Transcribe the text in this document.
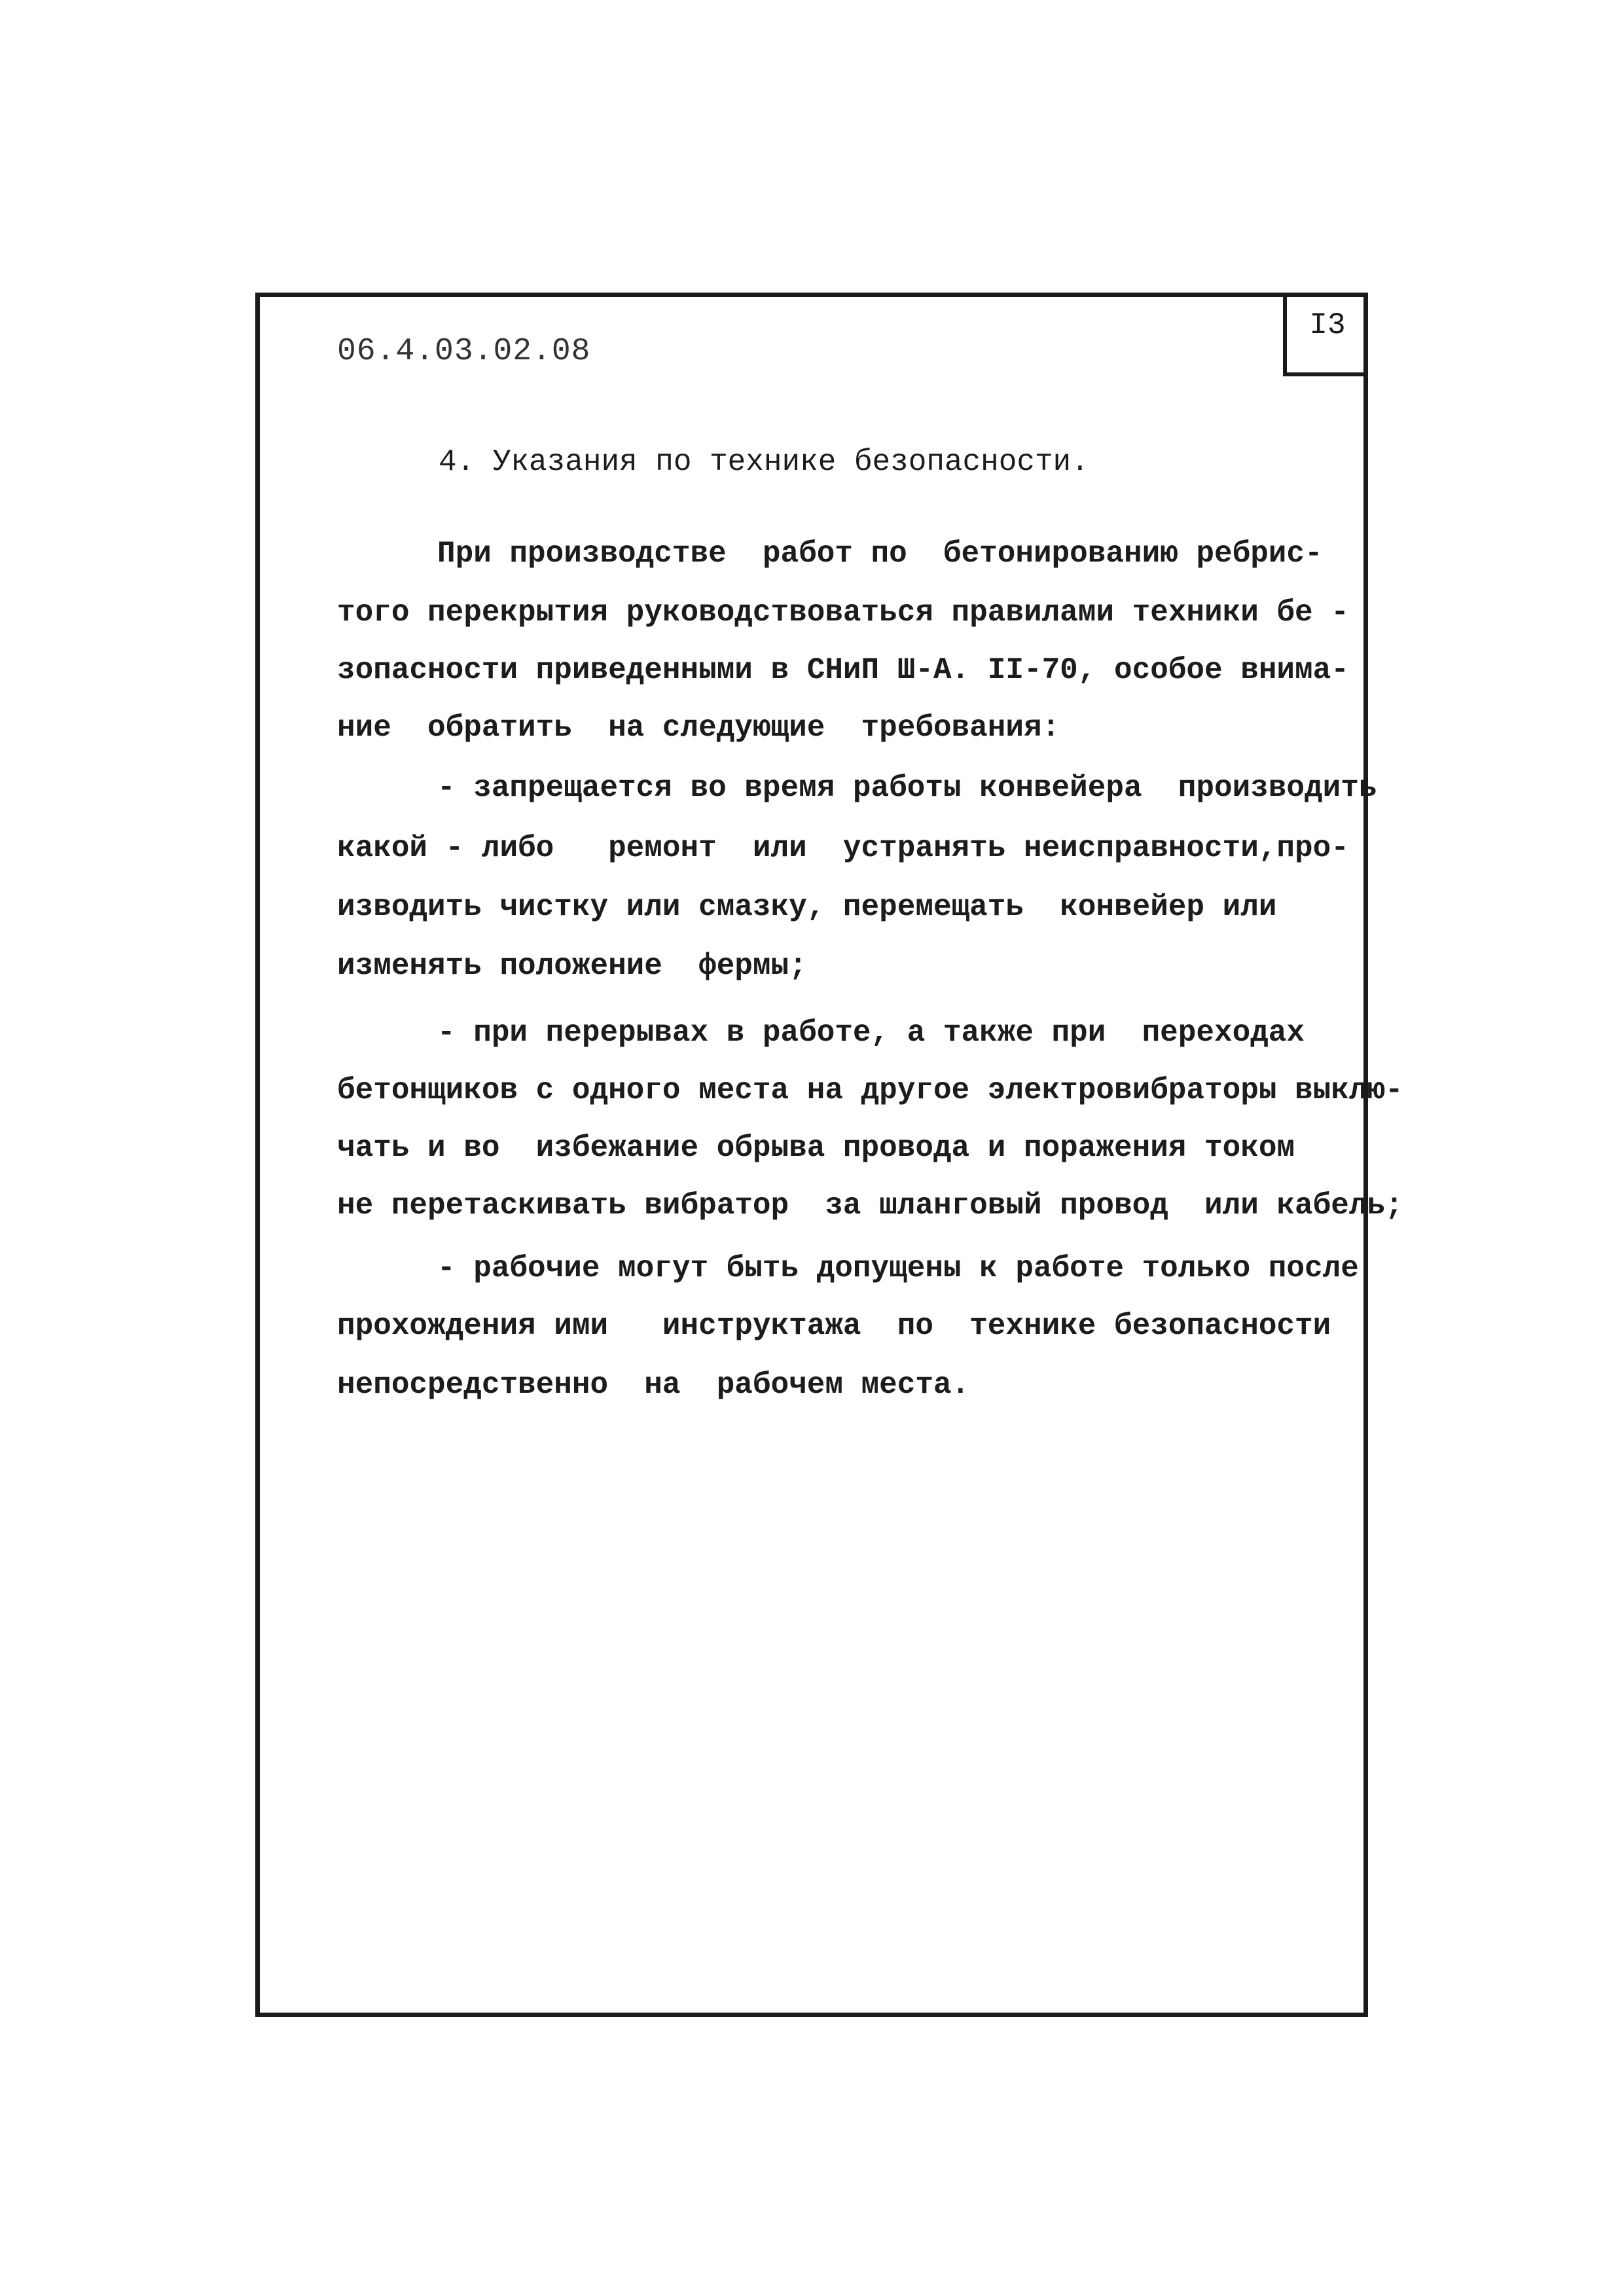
I3
06.4.03.02.08
4. Указания по технике безопасности.
При производстве  работ по  бетонированию ребрис-
того перекрытия руководствоваться правилами техники бе -
зопасности приведенными в СНиП Ш-А. II-70, особое внима-
ние  обратить  на следующие  требования:
- запрещается во время работы конвейера  производить
какой - либо   ремонт  или  устранять неисправности,про-
изводить чистку или смазку, перемещать  конвейер или
изменять положение  фермы;
- при перерывах в работе, а также при  переходах
бетонщиков с одного места на другое электровибраторы выклю-
чать и во  избежание обрыва провода и поражения током
не перетаскивать вибратор  за шланговый провод  или кабель;
- рабочие могут быть допущены к работе только после
прохождения ими   инструктажа  по  технике безопасности
непосредственно  на  рабочем места.
